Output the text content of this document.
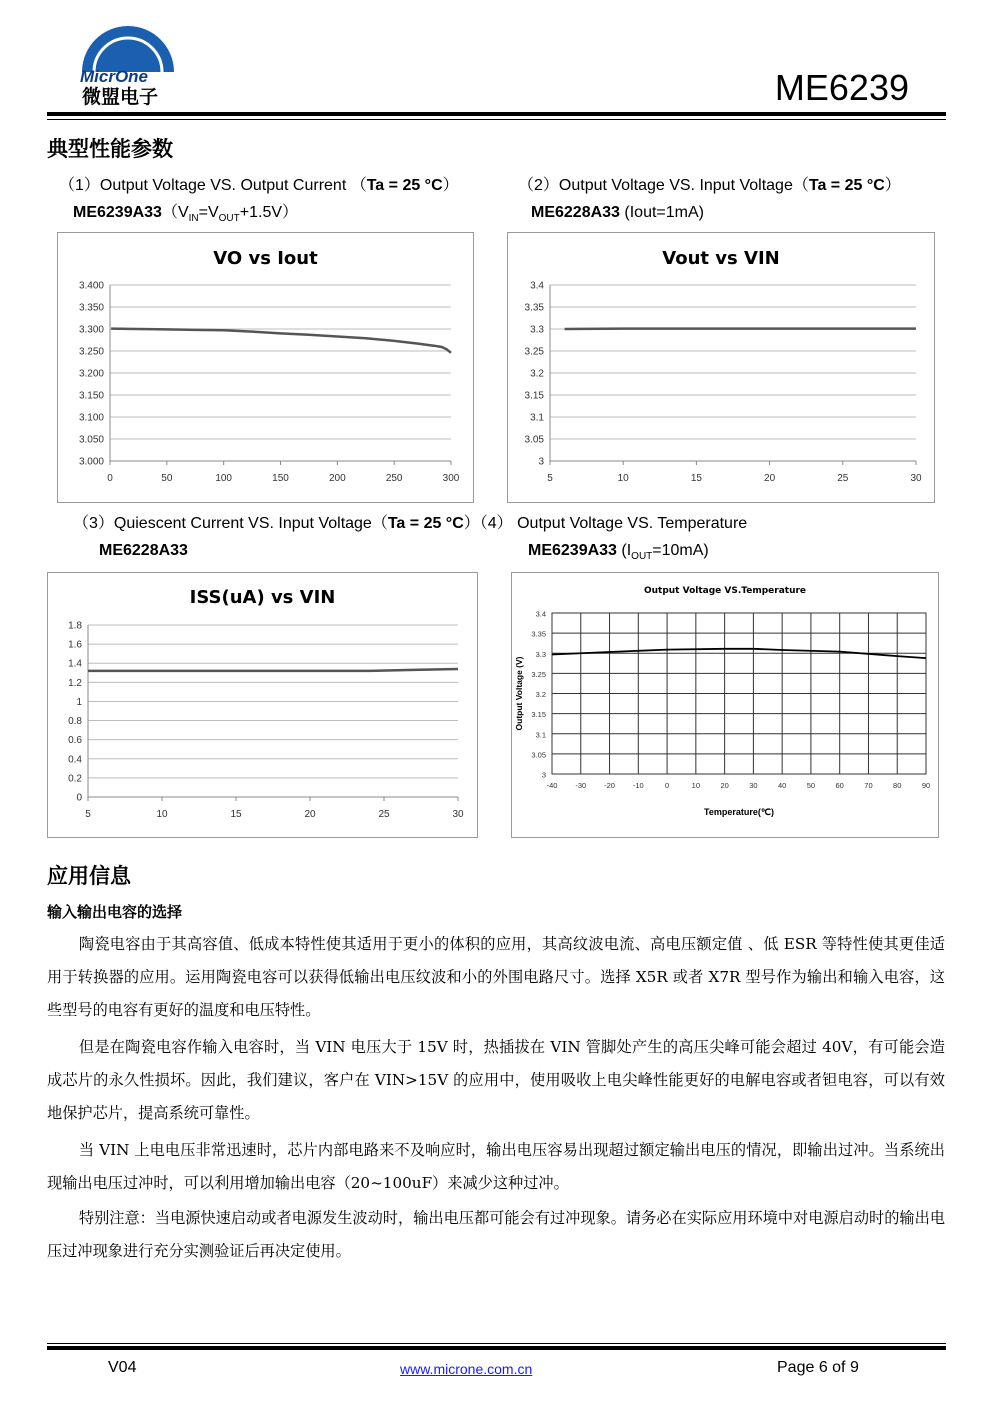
MicrOne
微盟电子	ME6239
典型性能参数
（1）Output Voltage VS. Output Current （Ta = 25 °C）
$ME6239A33(V_{IN}=V_{OUT}+1.5V)$
（2）Output Voltage VS. Input Voltage（Ta = 25 °C）
ME6228A33 (Iout=1mA)
VO vs Iout
3.000
3.050
3.100
3.150
3.200
3.250
3.300
3.350
3.400
0	50	100	150	200	250	300
Vout vs VIN
3
3.05
3.1
3.15
3.2
3.25
3.3
3.35
3.4
5	10	15	20	25	30
（3）Quiescent Current VS. Input Voltage（Ta = 25 °C）（4） Output Voltage VS. Temperature
ME6228A33	ME6239A33 $(I_{OUT}=10mA)$
ISS(uA) vs VIN
0
0.2
0.4
0.6
0.8
1
1.2
1.4
1.6
1.8
5	10	15	20	25	30
Output Voltage VS.Temperature
3
3.05
3.1
3.15
3.2
3.25
3.3
3.35
3.4
-40 -30 -20 -10	0	10	20	30	40	50	60	70	80	90
Output Voltage (V)
Temperature(℃)
应用信息
输入输出电容的选择
陶瓷电容由于其高容值、低成本特性使其适用于更小的体积的应用，其高纹波电流、高电压额定值 、低 ESR 等特性使其更佳适用于转换器的应用。运用陶瓷电容可以获得低输出电压纹波和小的外围电路尺寸。选择 X5R 或者 X7R 型号作为输出和输入电容，这些型号的电容有更好的温度和电压特性。
但是在陶瓷电容作输入电容时，当 VIN 电压大于 15V 时，热插拔在 VIN 管脚处产生的高压尖峰可能会超过 40V，有可能会造成芯片的永久性损坏。因此，我们建议，客户在 VIN>15V 的应用中，使用吸收上电尖峰性能更好的电解电容或者钽电容，可以有效地保护芯片，提高系统可靠性。
当 VIN 上电电压非常迅速时，芯片内部电路来不及响应时，输出电压容易出现超过额定输出电压的情况，即输出过冲。当系统出现输出电压过冲时，可以利用增加输出电容（20~100uF）来减少这种过冲。
特别注意：当电源快速启动或者电源发生波动时，输出电压都可能会有过冲现象。请务必在实际应用环境中对电源启动时的输出电压过冲现象进行充分实测验证后再决定使用。
V04	www.microne.com.cn	Page 6 of 9
